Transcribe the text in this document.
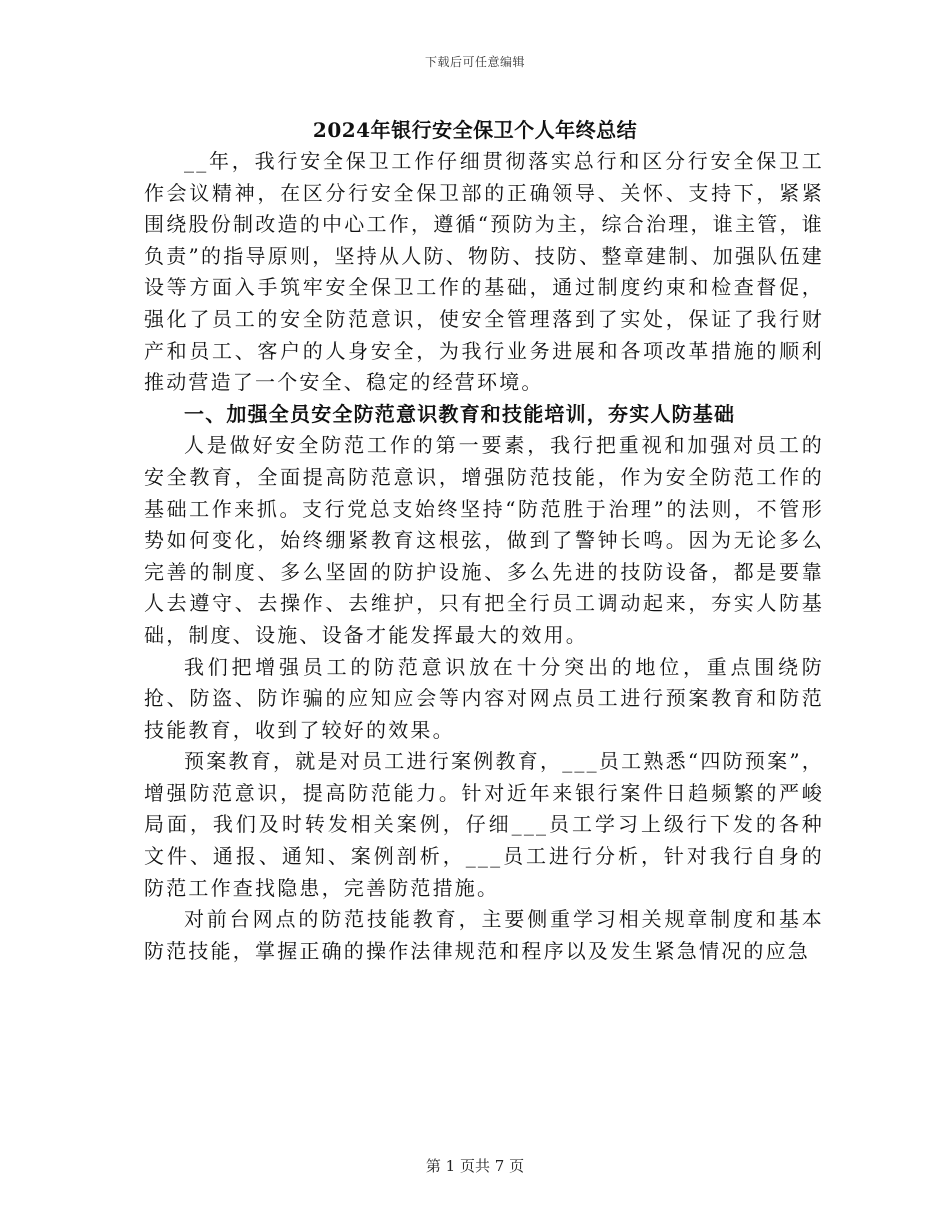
下载后可任意编辑
2024年银行安全保卫个人年终总结

__年，我行安全保卫工作仔细贯彻落实总行和区分行安全保卫工作会议精神，在区分行安全保卫部的正确领导、关怀、支持下，紧紧围绕股份制改造的中心工作，遵循“预防为主，综合治理，谁主管，谁负责”的指导原则，坚持从人防、物防、技防、整章建制、加强队伍建设等方面入手筑牢安全保卫工作的基础，通过制度约束和检查督促，强化了员工的安全防范意识，使安全管理落到了实处，保证了我行财产和员工、客户的人身安全，为我行业务进展和各项改革措施的顺利推动营造了一个安全、稳定的经营环境。

一、加强全员安全防范意识教育和技能培训，夯实人防基础

人是做好安全防范工作的第一要素，我行把重视和加强对员工的安全教育，全面提高防范意识，增强防范技能，作为安全防范工作的基础工作来抓。支行党总支始终坚持“防范胜于治理”的法则，不管形势如何变化，始终绷紧教育这根弦，做到了警钟长鸣。因为无论多么完善的制度、多么坚固的防护设施、多么先进的技防设备，都是要靠人去遵守、去操作、去维护，只有把全行员工调动起来，夯实人防基础，制度、设施、设备才能发挥最大的效用。

我们把增强员工的防范意识放在十分突出的地位，重点围绕防抢、防盗、防诈骗的应知应会等内容对网点员工进行预案教育和防范技能教育，收到了较好的效果。

预案教育，就是对员工进行案例教育，___员工熟悉“四防预案”，增强防范意识，提高防范能力。针对近年来银行案件日趋频繁的严峻局面，我们及时转发相关案例，仔细___员工学习上级行下发的各种文件、通报、通知、案例剖析，___员工进行分析，针对我行自身的防范工作查找隐患，完善防范措施。

对前台网点的防范技能教育，主要侧重学习相关规章制度和基本防范技能，掌握正确的操作法律规范和程序以及发生紧急情况的应急

第 1 页共 7 页
